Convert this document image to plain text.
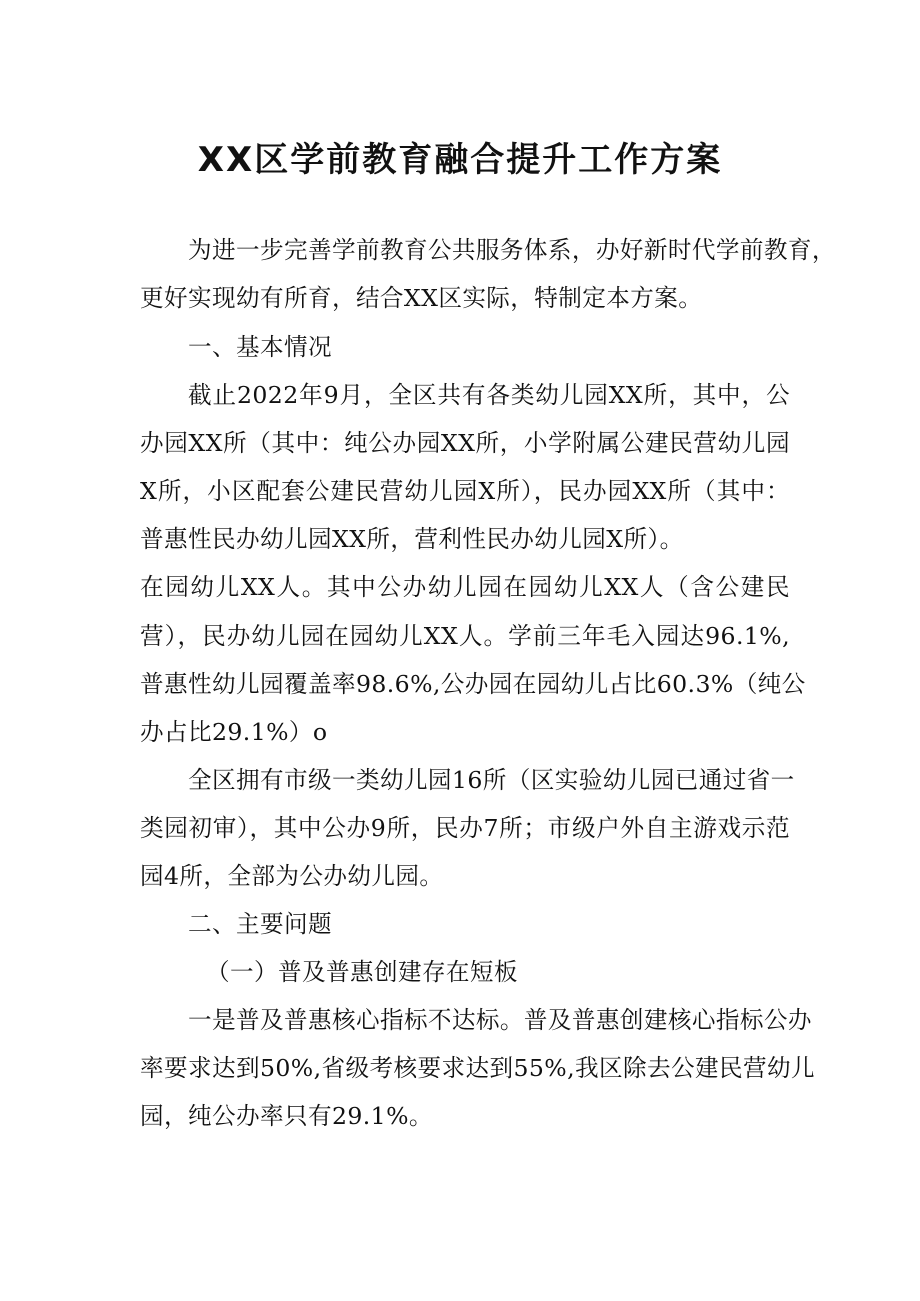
XX区学前教育融合提升工作方案
为进一步完善学前教育公共服务体系，办好新时代学前教育，
更好实现幼有所育，结合XX区实际，特制定本方案。
一、基本情况
截止2022年9月，全区共有各类幼儿园XX所，其中，公
办园XX所（其中：纯公办园XX所，小学附属公建民营幼儿园
X所，小区配套公建民营幼儿园X所），民办园XX所（其中：
普惠性民办幼儿园XX所，营利性民办幼儿园X所）。
在园幼儿XX人。其中公办幼儿园在园幼儿XX人（含公建民
营），民办幼儿园在园幼儿XX人。学前三年毛入园达96.1%,
普惠性幼儿园覆盖率98.6%,公办园在园幼儿占比60.3%（纯公
办占比29.1%）o
全区拥有市级一类幼儿园16所（区实验幼儿园已通过省一
类园初审），其中公办9所，民办7所；市级户外自主游戏示范
园4所，全部为公办幼儿园。
二、主要问题
（一）普及普惠创建存在短板
一是普及普惠核心指标不达标。普及普惠创建核心指标公办
率要求达到50%,省级考核要求达到55%,我区除去公建民营幼儿
园，纯公办率只有29.1%。
